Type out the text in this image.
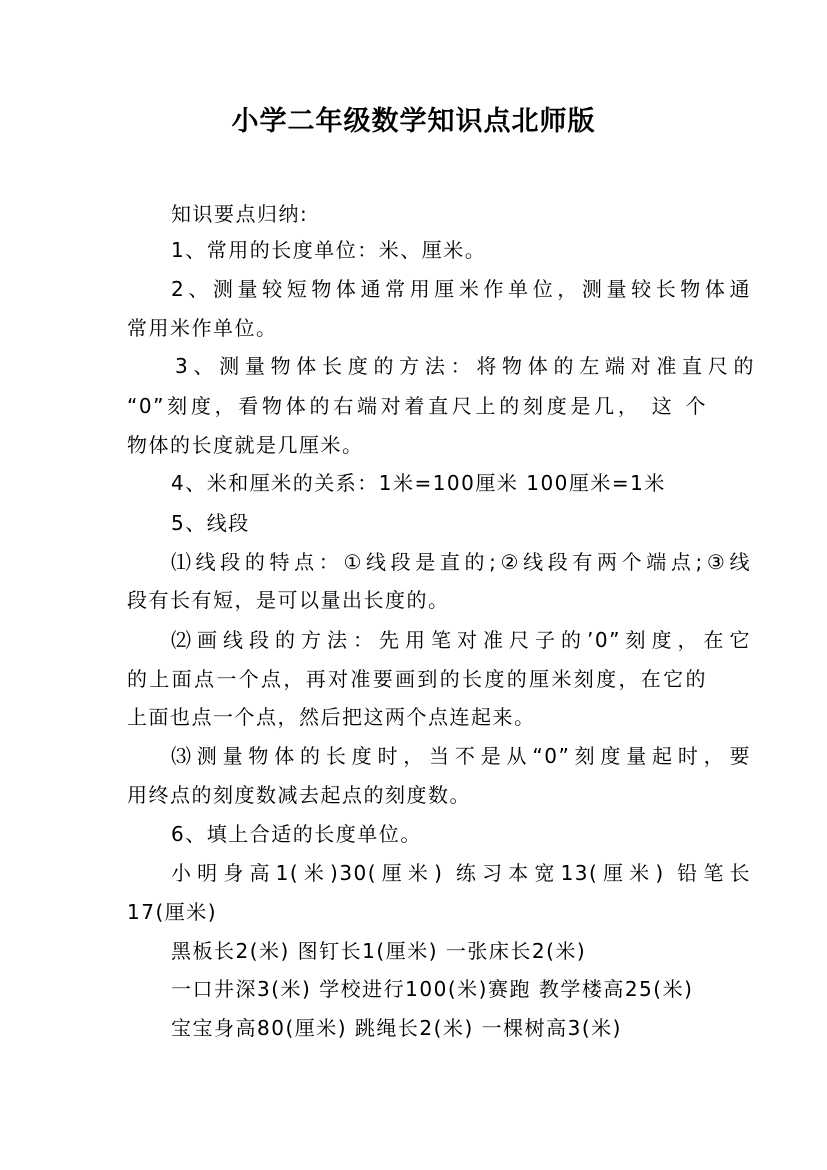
小学二年级数学知识点北师版
知识要点归纳:
1、常用的长度单位：米、厘米。
2、测量较短物体通常用厘米作单位，测量较长物体通
常用米作单位。
3、测量物体长度的方法：将物体的左端对准直尺的
“0”刻度，看物体的右端对着直尺上的刻度是几， 这 个
物体的长度就是几厘米。
4、米和厘米的关系：1米=100厘米 100厘米=1米
5、线段
⑴线段的特点：①线段是直的;②线段有两个端点;③线
段有长有短，是可以量出长度的。
⑵画线段的方法：先用笔对准尺子的’0”刻度，在它
的上面点一个点，再对准要画到的长度的厘米刻度，在它的
上面也点一个点，然后把这两个点连起来。
⑶测量物体的长度时，当不是从“0”刻度量起时，要
用终点的刻度数减去起点的刻度数。
6、填上合适的长度单位。
小明身高1(米)30(厘米) 练习本宽13(厘米) 铅笔长
17(厘米)
黑板长2(米) 图钉长1(厘米) 一张床长2(米)
一口井深3(米) 学校进行100(米)赛跑 教学楼高25(米)
宝宝身高80(厘米) 跳绳长2(米) 一棵树高3(米)
